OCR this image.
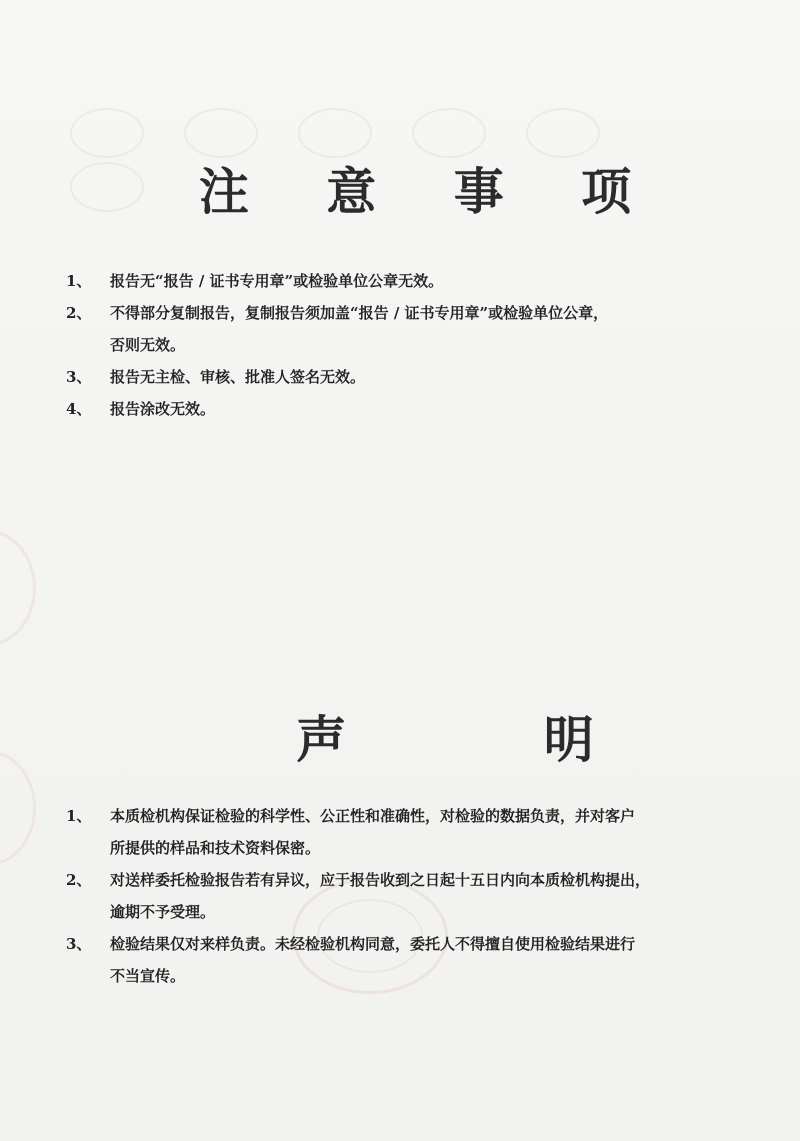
注 意 事 项
1、	报告无“报告 / 证书专用章”或检验单位公章无效。
2、	不得部分复制报告，复制报告须加盖“报告 / 证书专用章”或检验单位公章，
否则无效。
3、	报告无主检、审核、批准人签名无效。
4、	报告涂改无效。
声 明
1、	本质检机构保证检验的科学性、公正性和准确性，对检验的数据负责，并对客户
所提供的样品和技术资料保密。
2、	对送样委托检验报告若有异议，应于报告收到之日起十五日内向本质检机构提出，
逾期不予受理。
3、	检验结果仅对来样负责。未经检验机构同意，委托人不得擅自使用检验结果进行
不当宣传。
